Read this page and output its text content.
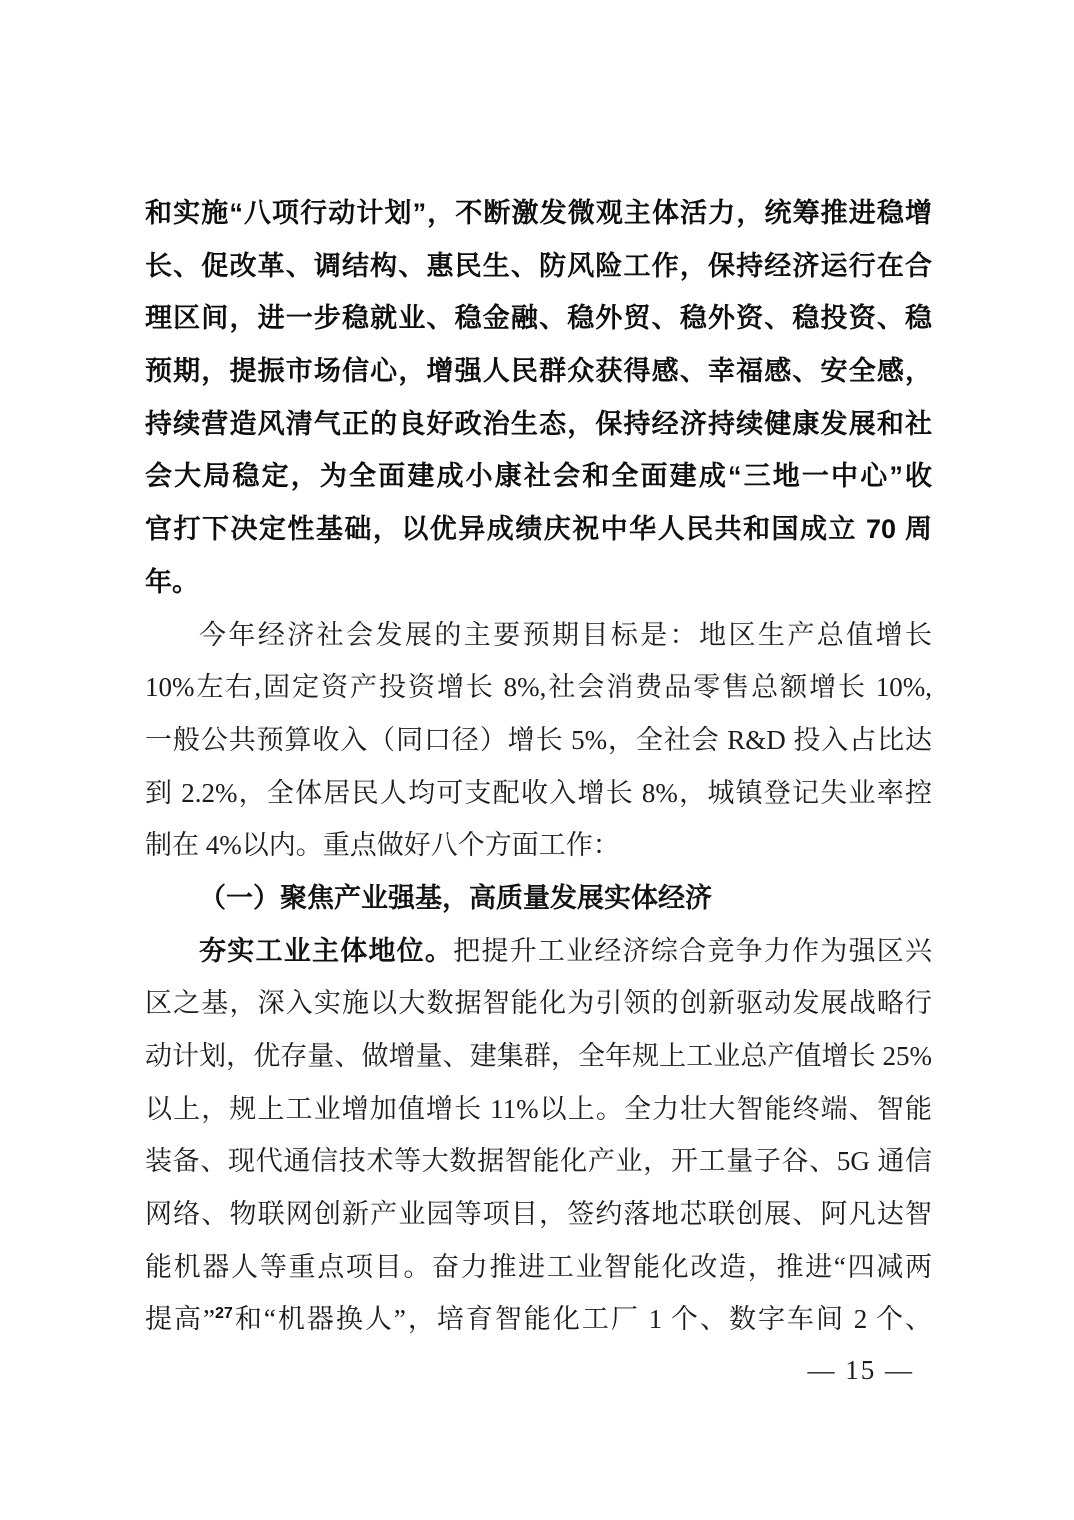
和实施“八项行动计划”，不断激发微观主体活力，统筹推进稳增
长、促改革、调结构、惠民生、防风险工作，保持经济运行在合
理区间，进一步稳就业、稳金融、稳外贸、稳外资、稳投资、稳
预期，提振市场信心，增强人民群众获得感、幸福感、安全感，
持续营造风清气正的良好政治生态，保持经济持续健康发展和社
会大局稳定，为全面建成小康社会和全面建成“三地一中心”收
官打下决定性基础，以优异成绩庆祝中华人民共和国成立 70 周
年。
今年经济社会发展的主要预期目标是：地区生产总值增长
10%左右,固定资产投资增长 8%,社会消费品零售总额增长 10%,
一般公共预算收入（同口径）增长 5%，全社会 R&D 投入占比达
到 2.2%，全体居民人均可支配收入增长 8%，城镇登记失业率控
制在 4%以内。重点做好八个方面工作：
（一）聚焦产业强基，高质量发展实体经济
夯实工业主体地位。把提升工业经济综合竞争力作为强区兴
区之基，深入实施以大数据智能化为引领的创新驱动发展战略行
动计划，优存量、做增量、建集群，全年规上工业总产值增长 25%
以上，规上工业增加值增长 11%以上。全力壮大智能终端、智能
装备、现代通信技术等大数据智能化产业，开工量子谷、5G 通信
网络、物联网创新产业园等项目，签约落地芯联创展、阿凡达智
能机器人等重点项目。奋力推进工业智能化改造，推进“四减两
提高”$^{27}$和“机器换人”，培育智能化工厂 1 个、数字车间 2 个、
— 15 —
